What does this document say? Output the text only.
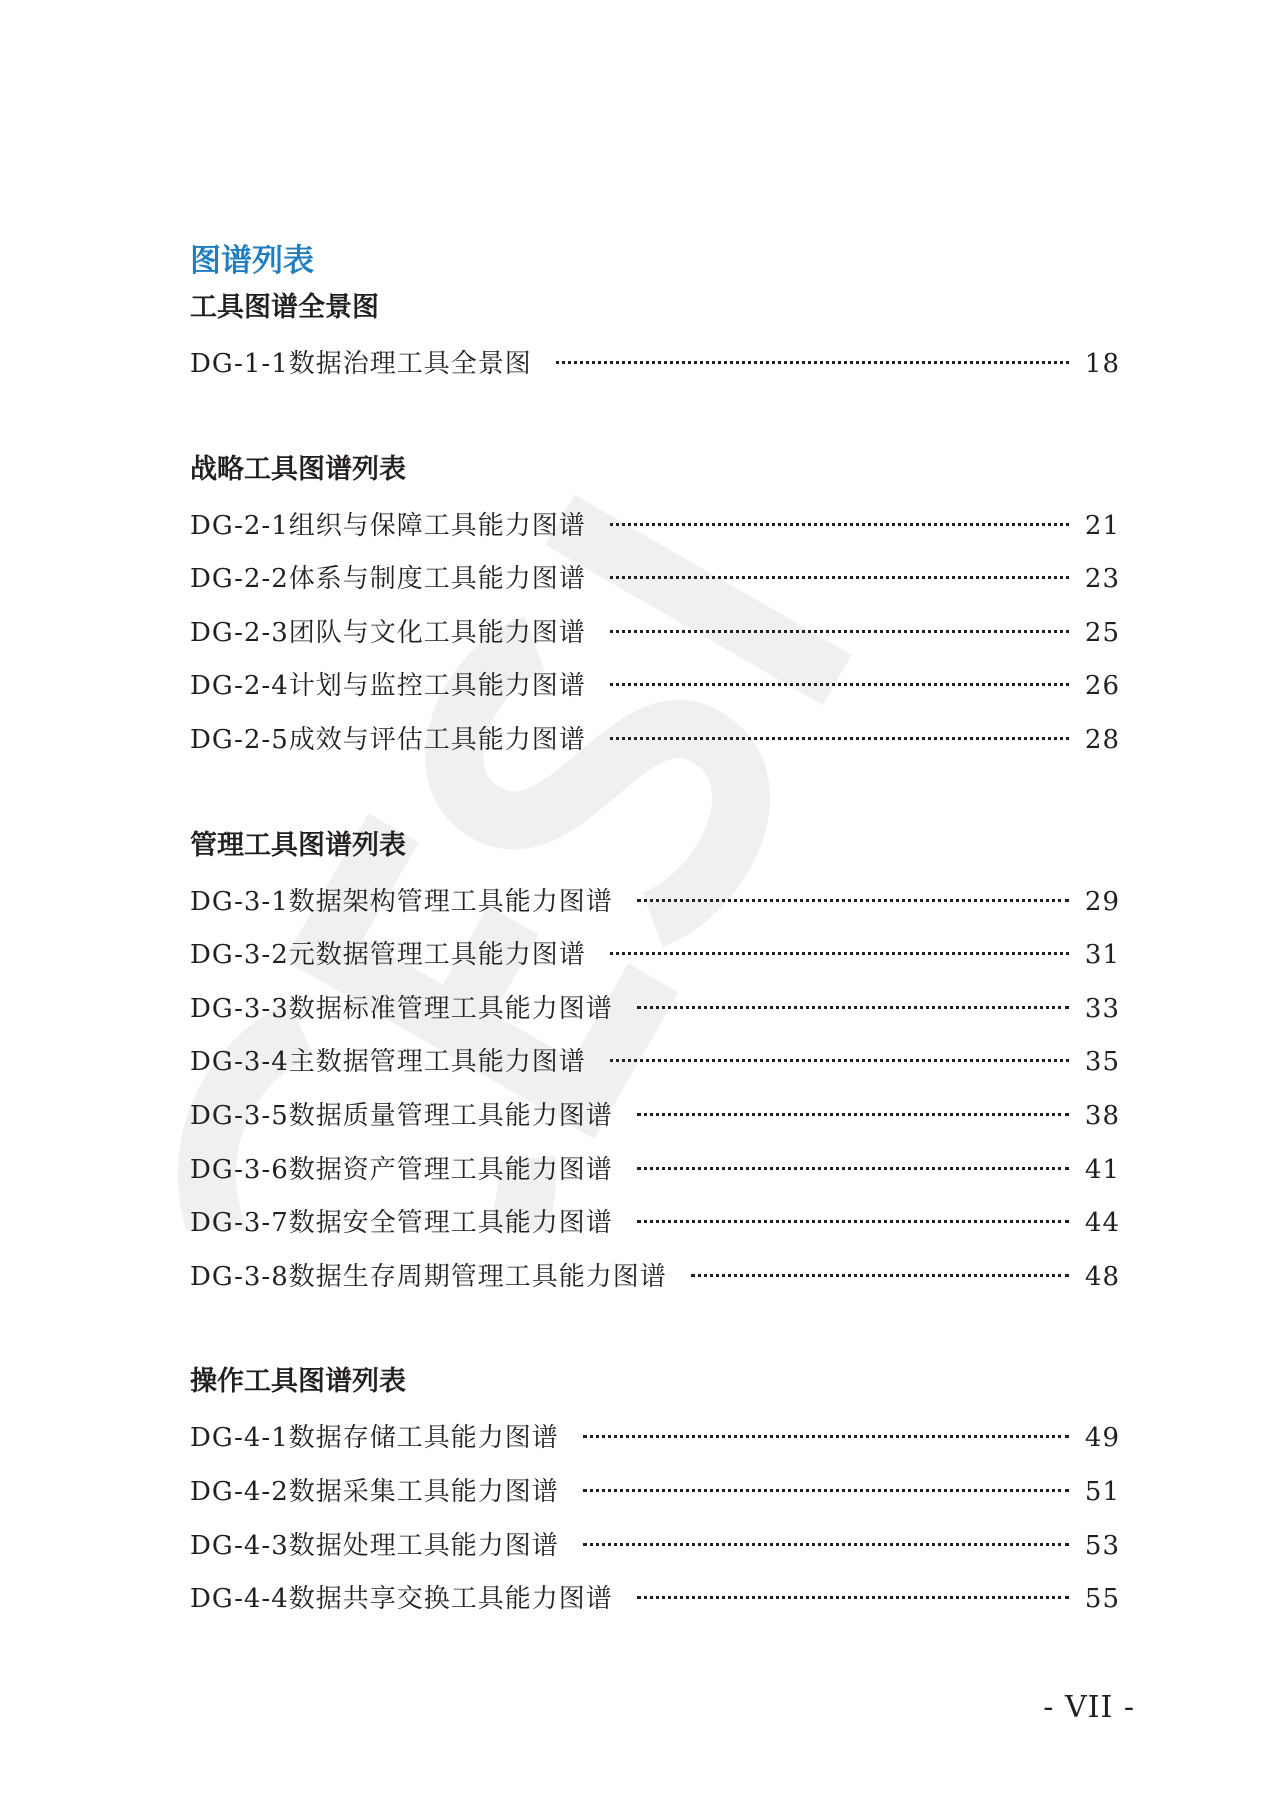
图谱列表
工具图谱全景图
DG-1-1数据治理工具全景图	18
战略工具图谱列表
DG-2-1组织与保障工具能力图谱	21
DG-2-2体系与制度工具能力图谱	23
DG-2-3团队与文化工具能力图谱	25
DG-2-4计划与监控工具能力图谱	26
DG-2-5成效与评估工具能力图谱	28
管理工具图谱列表
DG-3-1数据架构管理工具能力图谱	29
DG-3-2元数据管理工具能力图谱	31
DG-3-3数据标准管理工具能力图谱	33
DG-3-4主数据管理工具能力图谱	35
DG-3-5数据质量管理工具能力图谱	38
DG-3-6数据资产管理工具能力图谱	41
DG-3-7数据安全管理工具能力图谱	44
DG-3-8数据生存周期管理工具能力图谱	48
操作工具图谱列表
DG-4-1数据存储工具能力图谱	49
DG-4-2数据采集工具能力图谱	51
DG-4-3数据处理工具能力图谱	53
DG-4-4数据共享交换工具能力图谱	55
- VII -
